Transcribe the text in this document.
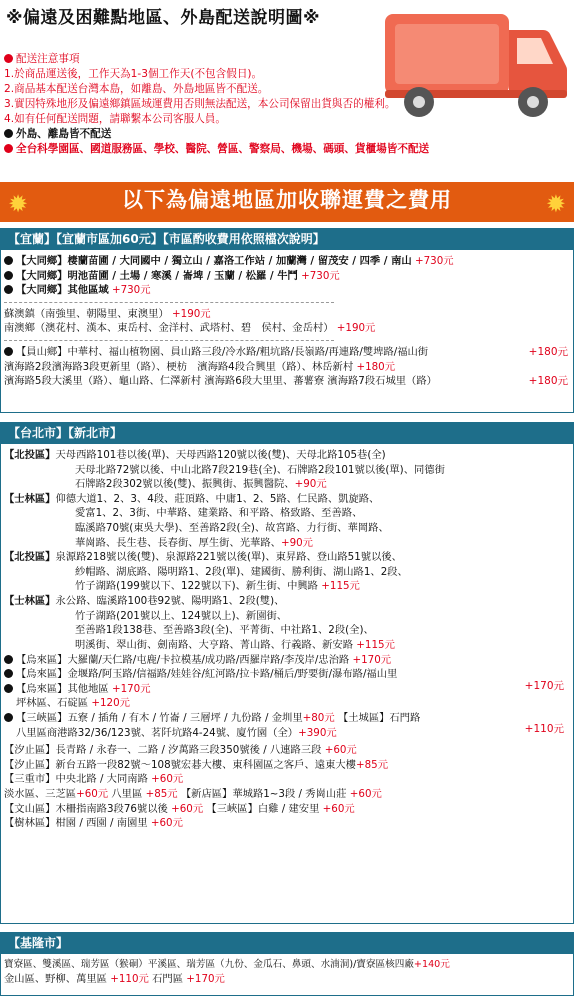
※偏遠及困難點地區、外島配送說明圖※
配送注意事項
1.於商品運送後，工作天為1-3個工作天(不包含假日)。
2.商品基本配送台灣本島，如離島、外島地區皆不配送。
3.實因特殊地形及偏遠鄉鎮區域運費用否則無法配送，本公司保留出貨與否的權利。
4.如有任何配送問題，請聯繫本公司客服人員。
外島、離島皆不配送
全台科學園區、國道服務區、學校、醫院、營區、警察局、機場、碼頭、貨櫃場皆不配送
✹	以下為偏遠地區加收聯運費之費用	✹
【宜蘭】【宜蘭市區加60元】【市區酌收費用依照檔次說明】
【大同鄉】棲蘭苗圃 / 大同國中 / 獨立山 / 嘉洛工作站 / 加蘭灣 / 留茂安 / 四季 / 南山 +730元
【大同鄉】明池苗圃 / 土場 / 寒溪 / 崙埤 / 玉蘭 / 松羅 / 牛鬥 +730元
【大同鄉】其他區域 +730元
蘇澳鎮（南強里、朝陽里、東澳里） +190元
南澳鄉（澳花村、漢本、東岳村、金洋村、武塔村、碧　侯村、金岳村） +190元
【員山鄉】中華村、福山植物園、員山路三段/冷水路/粗坑路/長嶺路/再連路/雙埤路/福山街	+180元
濱海路2段濱海路3段更新里（路）、梗枋　濱海路4段合興里（路）、林岳新村 +180元
濱海路5段大溪里（路）、龜山路、仁澤新村 濱海路6段大里里、蕃薯寮 濱海路7段石城里（路）	+180元
【台北市】【新北市】
【北投區】天母西路101巷以後(單)、天母西路120號以後(雙)、天母北路105巷(全)
天母北路72號以後、中山北路7段219巷(全)、石牌路2段101號以後(單)、同德街
石牌路2段302號以後(雙)、振興街、振興醫院、+90元
【士林區】仰德大道1、2、3、4段、莊頂路、中庸1、2、5路、仁民路、凱旋路、
愛富1、2、3街、中華路、建業路、和平路、格致路、至善路、
臨溪路70號(東吳大學)、至善路2段(全)、故宮路、力行街、華岡路、
華崗路、長生巷、長春街、厚生街、光華路、+90元
【北投區】泉源路218號以後(雙)、泉源路221號以後(單)、東昇路、登山路51號以後、
紗帽路、湖底路、陽明路1、2段(單)、建國街、勝利街、湖山路1、2段、
竹子湖路(199號以下、122號以下)、新生街、中興路 +115元
【士林區】永公路、臨溪路100巷92號、陽明路1、2段(雙)、
竹子湖路(201號以上、124號以上)、新園街、
至善路1段138巷、至善路3段(全)、平菁街、中社路1、2段(全)、
明溪街、翠山街、劍南路、大亨路、菁山路、行義路、新安路 +115元
【烏來區】大羅蘭/天仁路/屯鹿/卡拉模基/成功路/西羅岸路/李茂岸/忠治路 +170元
【烏來區】金堰路/阿玉路/信福路/娃娃谷/紅河路/拉卡路/桶后/野要街/瀑布路/福山里
【烏來區】其他地區 +170元	+170元
坪林區、石碇區 +120元
【三峽區】五寮 / 插角 / 有木 / 竹崙 / 三層坪 / 九份路 / 金圳里+80元 【土城區】石門路
八里區商港路32/36/123號、茗阡坑路4-24號、廈竹園（全）+390元	+110元
【汐止區】長青路 / 永春一、二路 / 汐萬路三段350號後 / 八連路三段 +60元
【汐止區】新台五路一段82號～108號宏碁大樓、東科園區之客戶、遠東大樓+85元
【三重市】中央北路 / 大同南路 +60元
淡水區、三芝區+60元 八里區 +85元 【新店區】華城路1~3段 / 秀崗山莊 +60元
【文山區】木柵指南路3段76號以後 +60元 【三峽區】白雞 / 建安里 +60元
【樹林區】柑園 / 西園 / 南園里 +60元
【基隆市】
寶寮區、雙溪區、瑞芳區（猴硐）平溪區、瑞芳區（九份、金瓜石、鼻頭、水湳洞)/寶寮區核四廠+140元
金山區、野柳、萬里區 +110元 石門區 +170元
